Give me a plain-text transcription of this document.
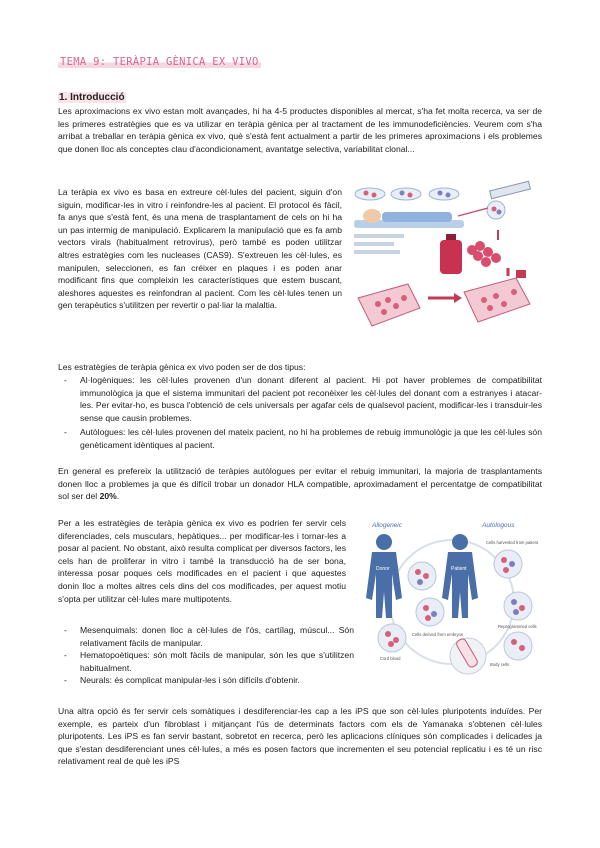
TEMA 9: TERÀPIA GÈNICA EX VIVO
1. Introducció

Les aproximacions ex vivo estan molt avançades, hi ha 4-5 productes disponibles al mercat, s'ha fet molta recerca, va ser de les primeres estratègies que es va utilizar en teràpia gènica per al tractament de les immunodeficiències. Veurem com s'ha arribat a treballar en teràpia gènica ex vivo, què s'està fent actualment a partir de les primeres aproximacions i els problemes que donen lloc als conceptes clau d'acondicionament, avantatge selectiva, variabilitat clonal...

La teràpia ex vivo es basa en extreure cèl·lules del pacient, siguin d'on siguin, modificar-les in vitro i reinfondre-les al pacient. El protocol és fàcil, fa anys que s'està fent, és una mena de trasplantament de cels on hi ha un pas intermig de manipulació. Explicarem la manipulació que es fa amb vectors virals (habitualment retrovirus), però també es poden utilitzar altres estratègies com les nucleases (CAS9). S'extreuen les cèl·lules, es manipulen, seleccionen, es fan créixer en plaques i es poden anar modificant fins que compleixin les característiques que estem buscant, aleshores aquestes es reinfondran al pacient. Com les cèl·lules tenen un gen terapèutics s'utilitzen per revertir o pal·liar la malaltia.

Les estratègies de teràpia gènica ex vivo poden ser de dos tipus:

- Al·logèniques: les cèl·lules provenen d'un donant diferent al pacient. Hi pot haver problemes de compatibilitat immunològica ja que el sistema immunitari del pacient pot reconèixer les cèl·lules del donant com a estranyes i atacar-les. Per evitar-ho, es busca l'obtenció de cels universals per agafar cels de qualsevol pacient, modificar-les i transduir-les sense que causin problemes.
- Autòlogues: les cèl·lules provenen del mateix pacient, no hi ha problemes de rebuig immunològic ja que les cèl·lules són genèticament idèntiques al pacient.

En general es prefereix la utilització de teràpies autòlogues per evitar el rebuig immunitari, la majoria de trasplantaments donen lloc a problemes ja que és difícil trobar un donador HLA compatible, aproximadament el percentatge de compatibilitat sol ser del 20%.

Per a les estratègies de teràpia gènica ex vivo es podrien fer servir cels diferenciades, cels musculars, hepàtiques... per modificar-les i tornar-les a posar al pacient. No obstant, això resulta complicat per diversos factors, les cels han de proliferar in vitro i també la transducció ha de ser bona, interessa posar poques cels modificades en el pacient i que aquestes donin lloc a moltes altres cels dins del cos modificades, per aquest motiu s'opta per utilitzar cèl·lules mare multipotents.

- Mesenquimals: donen lloc a cèl·lules de l'ós, cartílag, múscul... Són relativament fàcils de manipular.
- Hematopoètiques: són molt fàcils de manipular, són les que s'utilitzen habitualment.
- Neurals: és complicat manipular-les i són difícils d'obtenir.
Allogeneic	Autologous
Donor	Patient
Cells harvested from patient
Cord blood
Body cells
Cells derived from embryos
Reprogrammed cells

Una altra opció és fer servir cels somàtiques i desdiferenciar-les cap a les iPS que son cèl·lules pluripotents induïdes. Per exemple, es parteix d'un fibroblast i mitjançant l'ús de determinats factors com els de Yamanaka s'obtenen cèl·lules pluripotents. Les iPS es fan servir bastant, sobretot en recerca, però les aplicacions clíniques són complicades i delicades ja que s'estan desdiferenciant unes cèl·lules, a més es posen factors que incrementen el seu potencial replicatiu i es té un risc relativament real de què les iPS
